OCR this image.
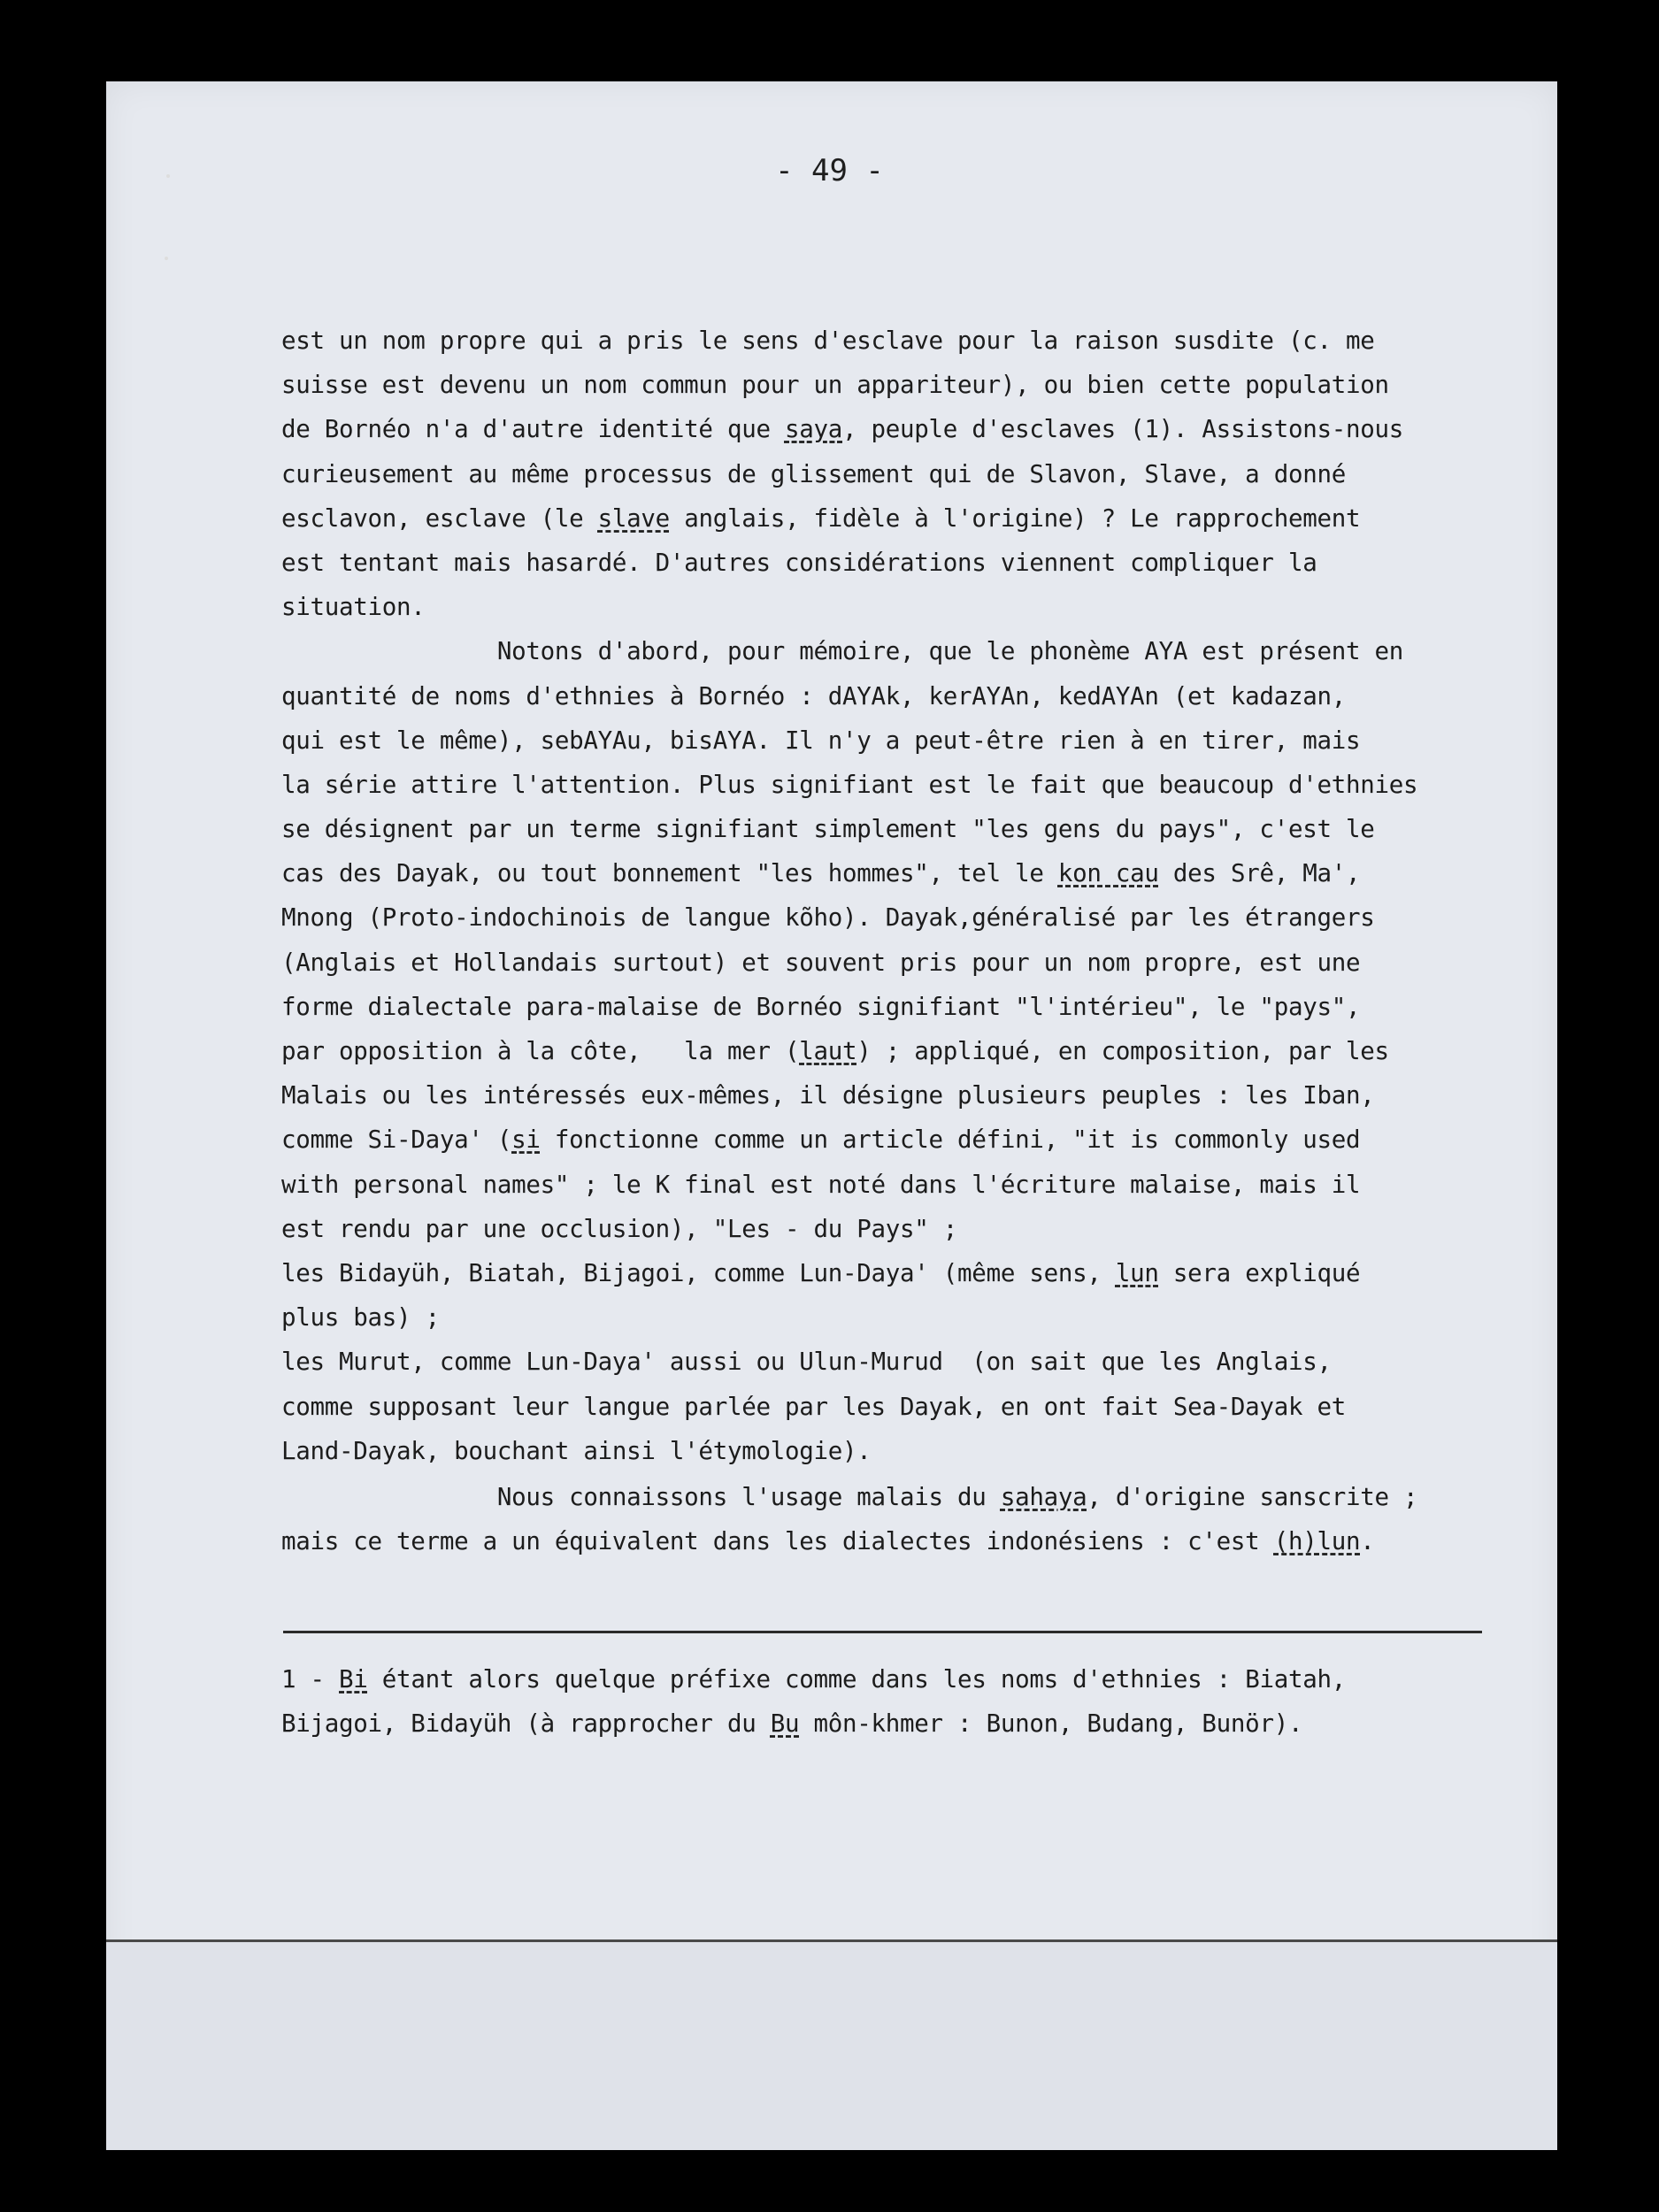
- 49 -
est un nom propre qui a pris le sens d'esclave pour la raison susdite (c. me
suisse est devenu un nom commun pour un appariteur), ou bien cette population
de Bornéo n'a d'autre identité que saya, peuple d'esclaves (1). Assistons-nous
curieusement au même processus de glissement qui de Slavon, Slave, a donné
esclavon, esclave (le slave anglais, fidèle à l'origine) ? Le rapprochement
est tentant mais hasardé. D'autres considérations viennent compliquer la
situation.
Notons d'abord, pour mémoire, que le phonème AYA est présent en
quantité de noms d'ethnies à Bornéo : dAYAk, kerAYAn, kedAYAn (et kadazan,
qui est le même), sebAYAu, bisAYA. Il n'y a peut-être rien à en tirer, mais
la série attire l'attention. Plus signifiant est le fait que beaucoup d'ethnies
se désignent par un terme signifiant simplement "les gens du pays", c'est le
cas des Dayak, ou tout bonnement "les hommes", tel le kon cau des Srê, Ma',
Mnong (Proto-indochinois de langue kõho). Dayak,généralisé par les étrangers
(Anglais et Hollandais surtout) et souvent pris pour un nom propre, est une
forme dialectale para-malaise de Bornéo signifiant "l'intérieu", le "pays",
par opposition à la côte,   la mer (laut) ; appliqué, en composition, par les
Malais ou les intéressés eux-mêmes, il désigne plusieurs peuples : les Iban,
comme Si-Daya' (si fonctionne comme un article défini, "it is commonly used
with personal names" ; le K final est noté dans l'écriture malaise, mais il
est rendu par une occlusion), "Les - du Pays" ;
les Bidayüh, Biatah, Bijagoi, comme Lun-Daya' (même sens, lun sera expliqué
plus bas) ;
les Murut, comme Lun-Daya' aussi ou Ulun-Murud  (on sait que les Anglais,
comme supposant leur langue parlée par les Dayak, en ont fait Sea-Dayak et
Land-Dayak, bouchant ainsi l'étymologie).
Nous connaissons l'usage malais du sahaya, d'origine sanscrite ;
mais ce terme a un équivalent dans les dialectes indonésiens : c'est (h)lun.
1 - Bi étant alors quelque préfixe comme dans les noms d'ethnies : Biatah,
Bijagoi, Bidayüh (à rapprocher du Bu môn-khmer : Bunon, Budang, Bunör).
